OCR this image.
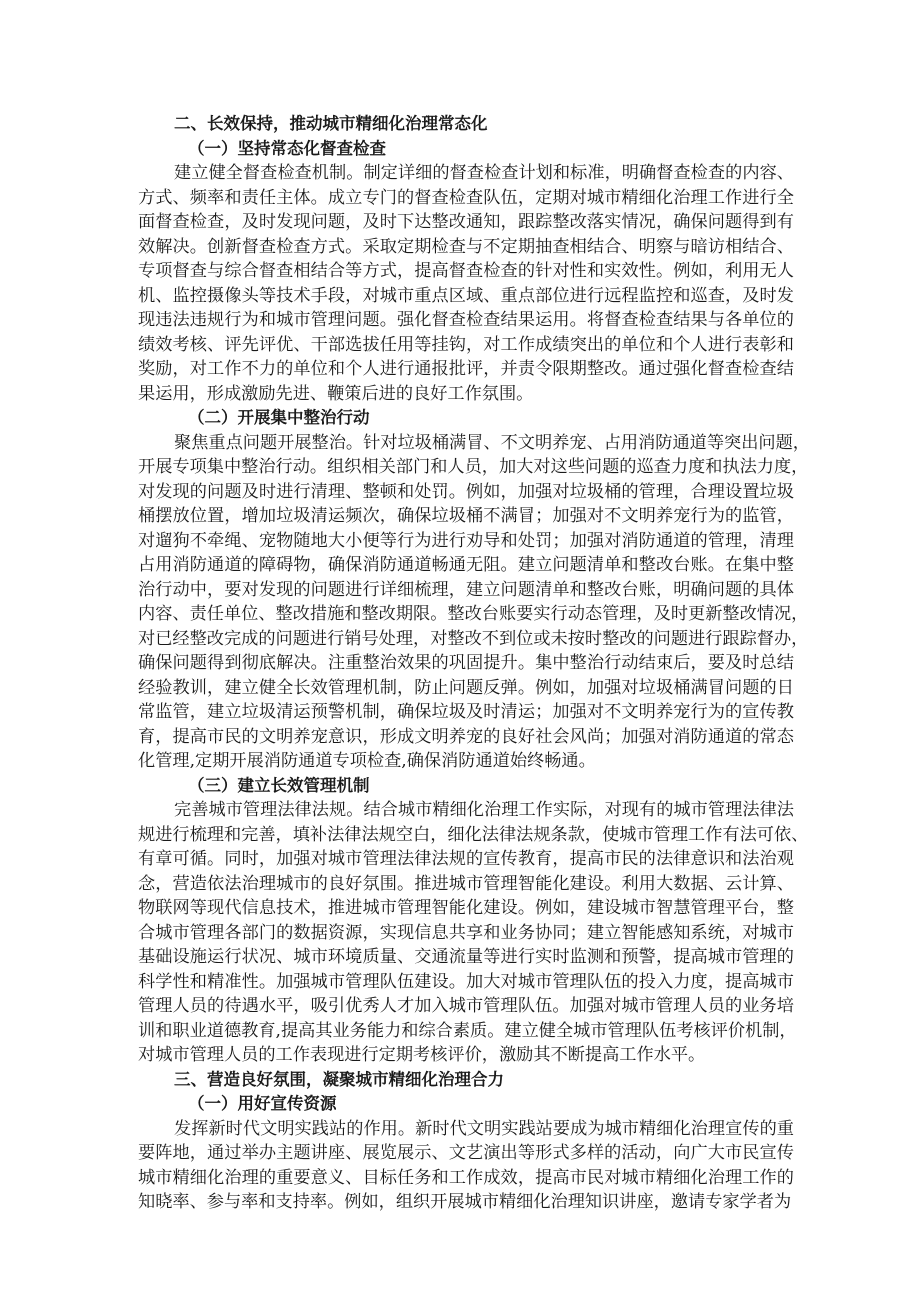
二、长效保持，推动城市精细化治理常态化
（一）坚持常态化督查检查
建立健全督查检查机制。制定详细的督查检查计划和标准，明确督查检查的内容、
方式、频率和责任主体。成立专门的督查检查队伍，定期对城市精细化治理工作进行全
面督查检查，及时发现问题，及时下达整改通知，跟踪整改落实情况，确保问题得到有
效解决。创新督查检查方式。采取定期检查与不定期抽查相结合、明察与暗访相结合、
专项督查与综合督查相结合等方式，提高督查检查的针对性和实效性。例如，利用无人
机、监控摄像头等技术手段，对城市重点区域、重点部位进行远程监控和巡查，及时发
现违法违规行为和城市管理问题。强化督查检查结果运用。将督查检查结果与各单位的
绩效考核、评先评优、干部选拔任用等挂钩，对工作成绩突出的单位和个人进行表彰和
奖励，对工作不力的单位和个人进行通报批评，并责令限期整改。通过强化督查检查结
果运用，形成激励先进、鞭策后进的良好工作氛围。
（二）开展集中整治行动
聚焦重点问题开展整治。针对垃圾桶满冒、不文明养宠、占用消防通道等突出问题，
开展专项集中整治行动。组织相关部门和人员，加大对这些问题的巡查力度和执法力度，
对发现的问题及时进行清理、整顿和处罚。例如，加强对垃圾桶的管理，合理设置垃圾
桶摆放位置，增加垃圾清运频次，确保垃圾桶不满冒；加强对不文明养宠行为的监管，
对遛狗不牵绳、宠物随地大小便等行为进行劝导和处罚；加强对消防通道的管理，清理
占用消防通道的障碍物，确保消防通道畅通无阻。建立问题清单和整改台账。在集中整
治行动中，要对发现的问题进行详细梳理，建立问题清单和整改台账，明确问题的具体
内容、责任单位、整改措施和整改期限。整改台账要实行动态管理，及时更新整改情况，
对已经整改完成的问题进行销号处理，对整改不到位或未按时整改的问题进行跟踪督办，
确保问题得到彻底解决。注重整治效果的巩固提升。集中整治行动结束后，要及时总结
经验教训，建立健全长效管理机制，防止问题反弹。例如，加强对垃圾桶满冒问题的日
常监管，建立垃圾清运预警机制，确保垃圾及时清运；加强对不文明养宠行为的宣传教
育，提高市民的文明养宠意识，形成文明养宠的良好社会风尚；加强对消防通道的常态
化管理,定期开展消防通道专项检查,确保消防通道始终畅通。
（三）建立长效管理机制
完善城市管理法律法规。结合城市精细化治理工作实际，对现有的城市管理法律法
规进行梳理和完善，填补法律法规空白，细化法律法规条款，使城市管理工作有法可依、
有章可循。同时，加强对城市管理法律法规的宣传教育，提高市民的法律意识和法治观
念，营造依法治理城市的良好氛围。推进城市管理智能化建设。利用大数据、云计算、
物联网等现代信息技术，推进城市管理智能化建设。例如，建设城市智慧管理平台，整
合城市管理各部门的数据资源，实现信息共享和业务协同；建立智能感知系统，对城市
基础设施运行状况、城市环境质量、交通流量等进行实时监测和预警，提高城市管理的
科学性和精准性。加强城市管理队伍建设。加大对城市管理队伍的投入力度，提高城市
管理人员的待遇水平，吸引优秀人才加入城市管理队伍。加强对城市管理人员的业务培
训和职业道德教育,提高其业务能力和综合素质。建立健全城市管理队伍考核评价机制，
对城市管理人员的工作表现进行定期考核评价，激励其不断提高工作水平。
三、营造良好氛围，凝聚城市精细化治理合力
（一）用好宣传资源
发挥新时代文明实践站的作用。新时代文明实践站要成为城市精细化治理宣传的重
要阵地，通过举办主题讲座、展览展示、文艺演出等形式多样的活动，向广大市民宣传
城市精细化治理的重要意义、目标任务和工作成效，提高市民对城市精细化治理工作的
知晓率、参与率和支持率。例如，组织开展城市精细化治理知识讲座，邀请专家学者为
